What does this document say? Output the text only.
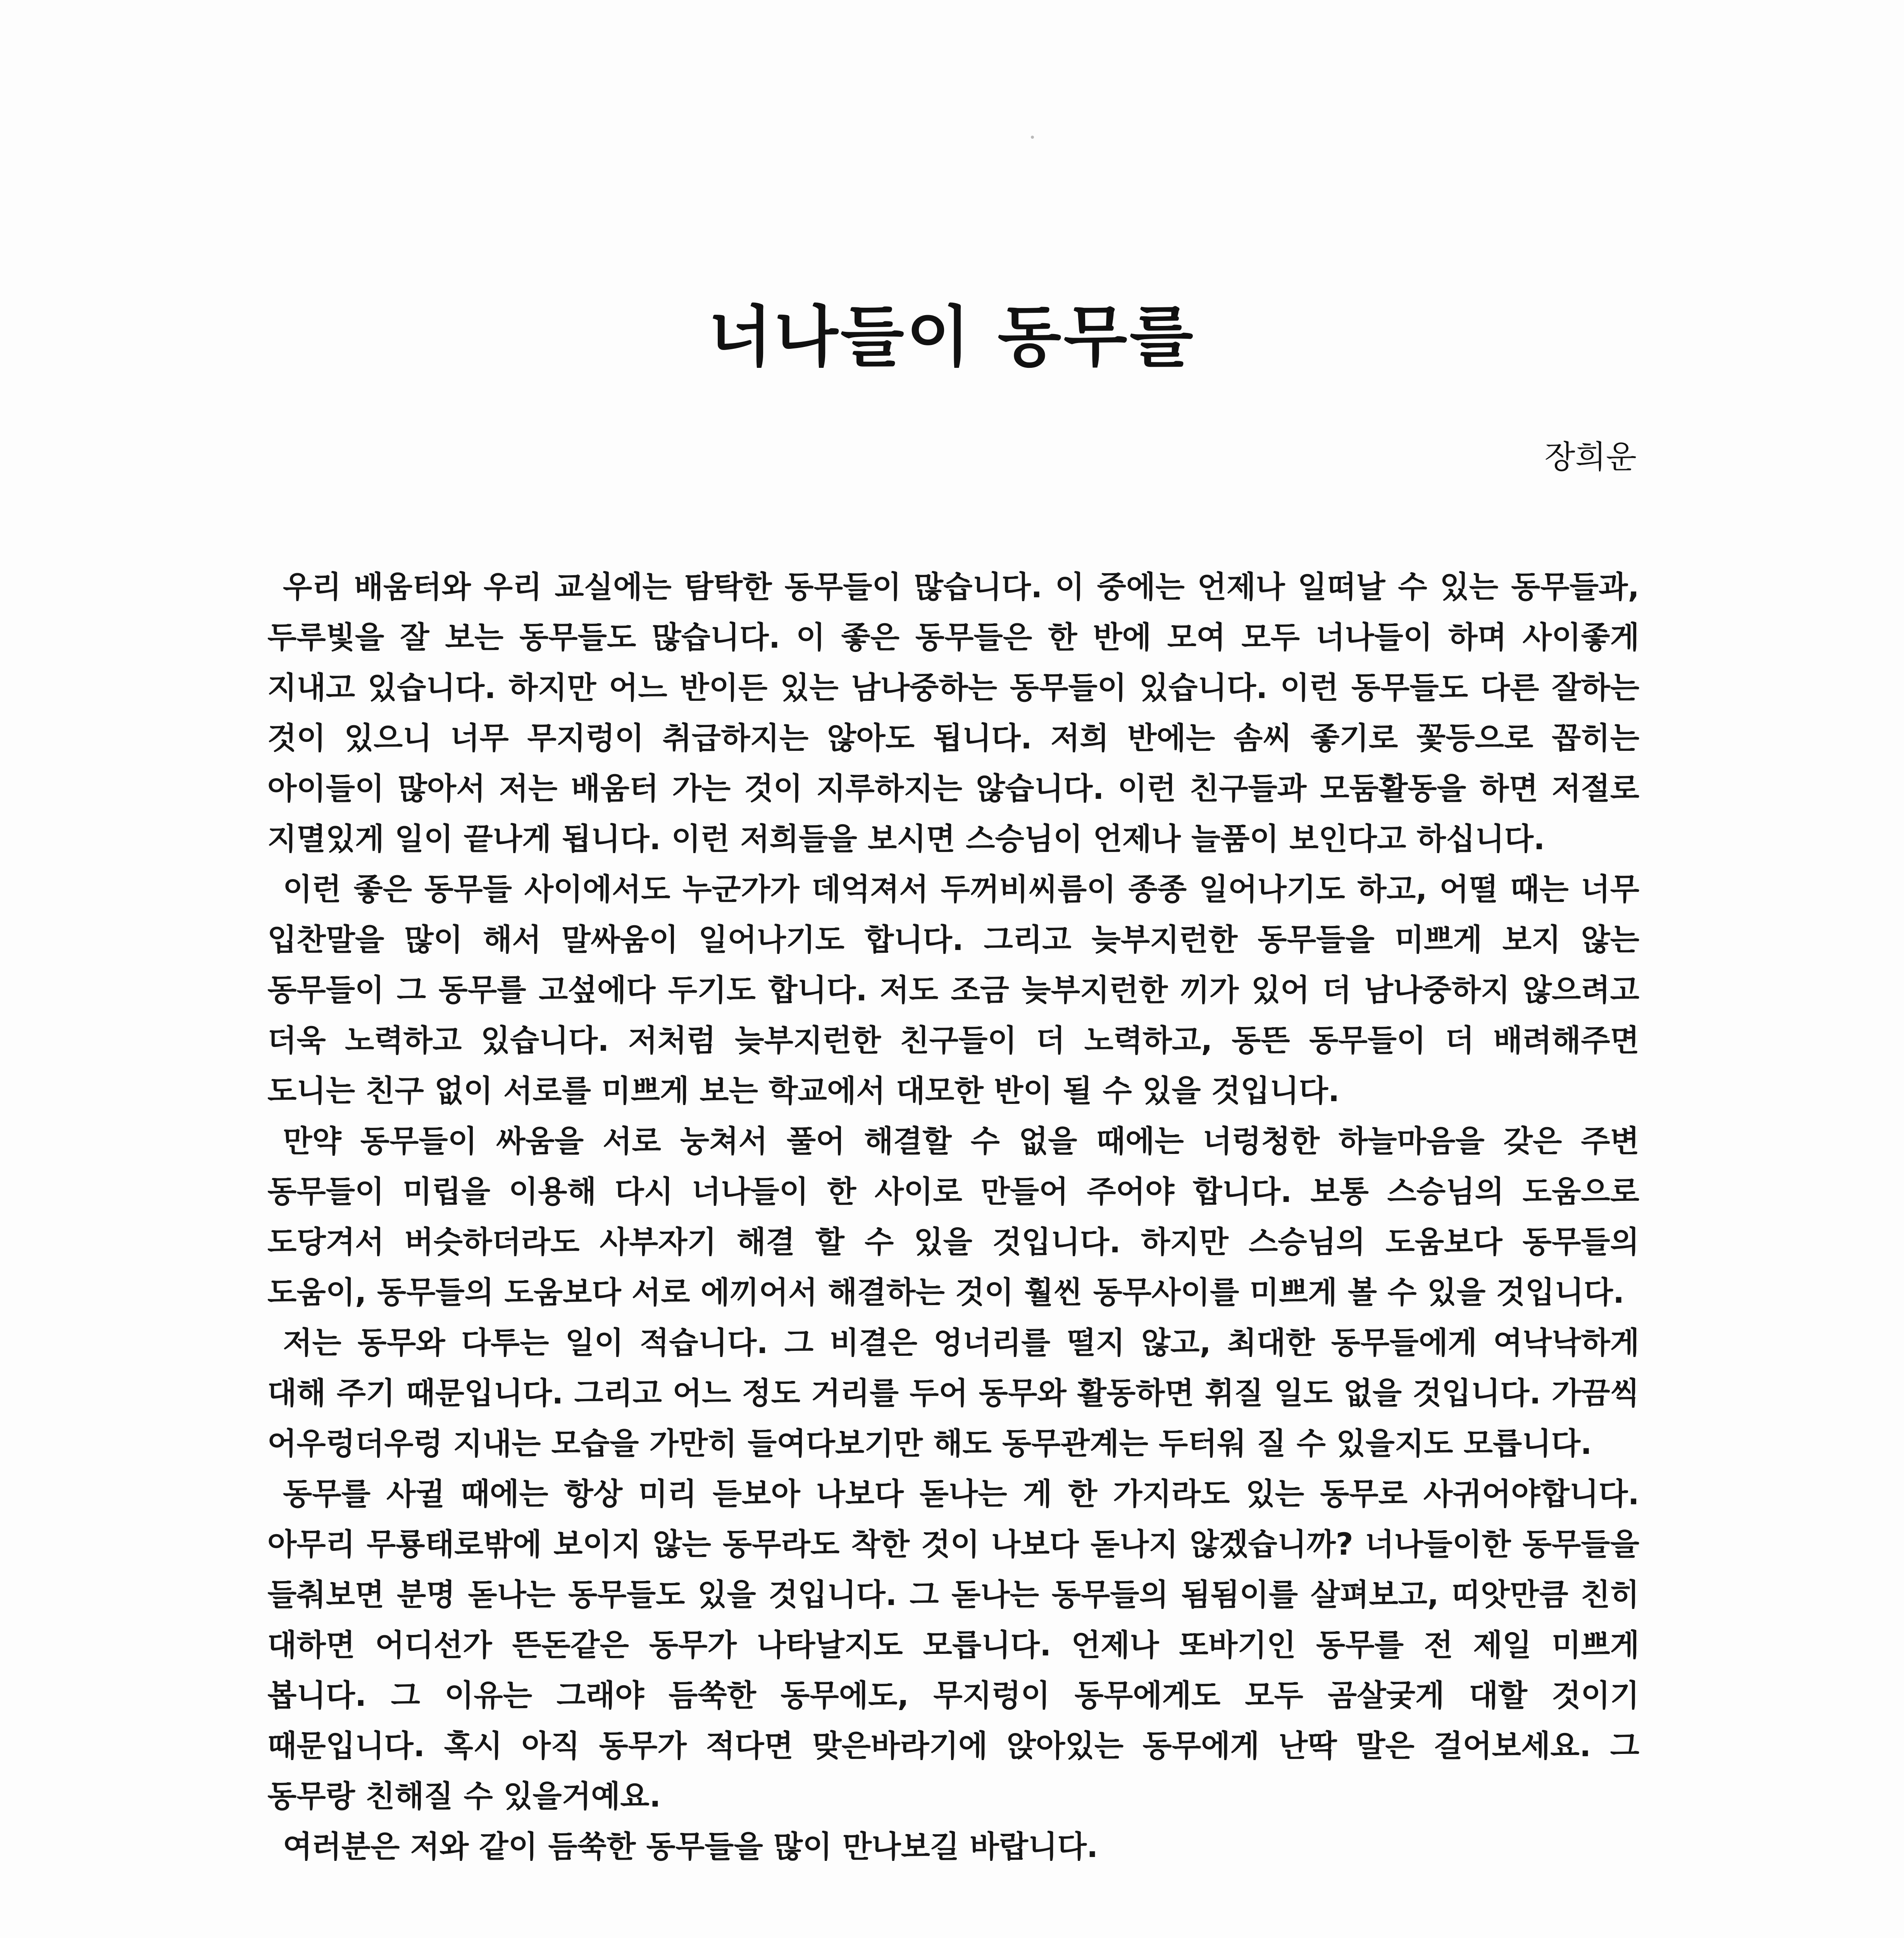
너나들이 동무를
장희운

우리 배움터와 우리 교실에는 탐탁한 동무들이 많습니다. 이 중에는 언제나 일떠날 수 있는 동무들과, 두루빛을 잘 보는 동무들도 많습니다. 이 좋은 동무들은 한 반에 모여 모두 너나들이 하며 사이좋게 지내고 있습니다. 하지만 어느 반이든 있는 남나중하는 동무들이 있습니다. 이런 동무들도 다른 잘하는 것이 있으니 너무 무지렁이 취급하지는 않아도 됩니다. 저희 반에는 솜씨 좋기로 꽃등으로 꼽히는 아이들이 많아서 저는 배움터 가는 것이 지루하지는 않습니다. 이런 친구들과 모둠활동을 하면 저절로 지멸있게 일이 끝나게 됩니다. 이런 저희들을 보시면 스승님이 언제나 늘품이 보인다고 하십니다.

이런 좋은 동무들 사이에서도 누군가가 데억져서 두꺼비씨름이 종종 일어나기도 하고, 어떨 때는 너무 입찬말을 많이 해서 말싸움이 일어나기도 합니다. 그리고 늦부지런한 동무들을 미쁘게 보지 않는 동무들이 그 동무를 고섶에다 두기도 합니다. 저도 조금 늦부지런한 끼가 있어 더 남나중하지 않으려고 더욱 노력하고 있습니다. 저처럼 늦부지런한 친구들이 더 노력하고, 동뜬 동무들이 더 배려해주면 도니는 친구 없이 서로를 미쁘게 보는 학교에서 대모한 반이 될 수 있을 것입니다.

만약 동무들이 싸움을 서로 눙쳐서 풀어 해결할 수 없을 때에는 너렁청한 하늘마음을 갖은 주변 동무들이 미립을 이용해 다시 너나들이 한 사이로 만들어 주어야 합니다. 보통 스승님의 도움으로 도당겨서 버슷하더라도 사부자기 해결 할 수 있을 것입니다. 하지만 스승님의 도움보다 동무들의 도움이, 동무들의 도움보다 서로 에끼어서 해결하는 것이 훨씬 동무사이를 미쁘게 볼 수 있을 것입니다.

저는 동무와 다투는 일이 적습니다. 그 비결은 엉너리를 떨지 않고, 최대한 동무들에게 여낙낙하게 대해 주기 때문입니다. 그리고 어느 정도 거리를 두어 동무와 활동하면 휘질 일도 없을 것입니다. 가끔씩 어우렁더우렁 지내는 모습을 가만히 들여다보기만 해도 동무관계는 두터워 질 수 있을지도 모릅니다.

동무를 사귈 때에는 항상 미리 듣보아 나보다 돋나는 게 한 가지라도 있는 동무로 사귀어야합니다. 아무리 무룡태로밖에 보이지 않는 동무라도 착한 것이 나보다 돋나지 않겠습니까? 너나들이한 동무들을 들춰보면 분명 돋나는 동무들도 있을 것입니다. 그 돋나는 동무들의 됨됨이를 살펴보고, 띠앗만큼 친히 대하면 어디선가 뜬돈같은 동무가 나타날지도 모릅니다. 언제나 또바기인 동무를 전 제일 미쁘게 봅니다. 그 이유는 그래야 듬쑥한 동무에도, 무지렁이 동무에게도 모두 곰살궂게 대할 것이기 때문입니다. 혹시 아직 동무가 적다면 맞은바라기에 앉아있는 동무에게 난딱 말은 걸어보세요. 그 동무랑 친해질 수 있을거예요.

여러분은 저와 같이 듬쑥한 동무들을 많이 만나보길 바랍니다.
